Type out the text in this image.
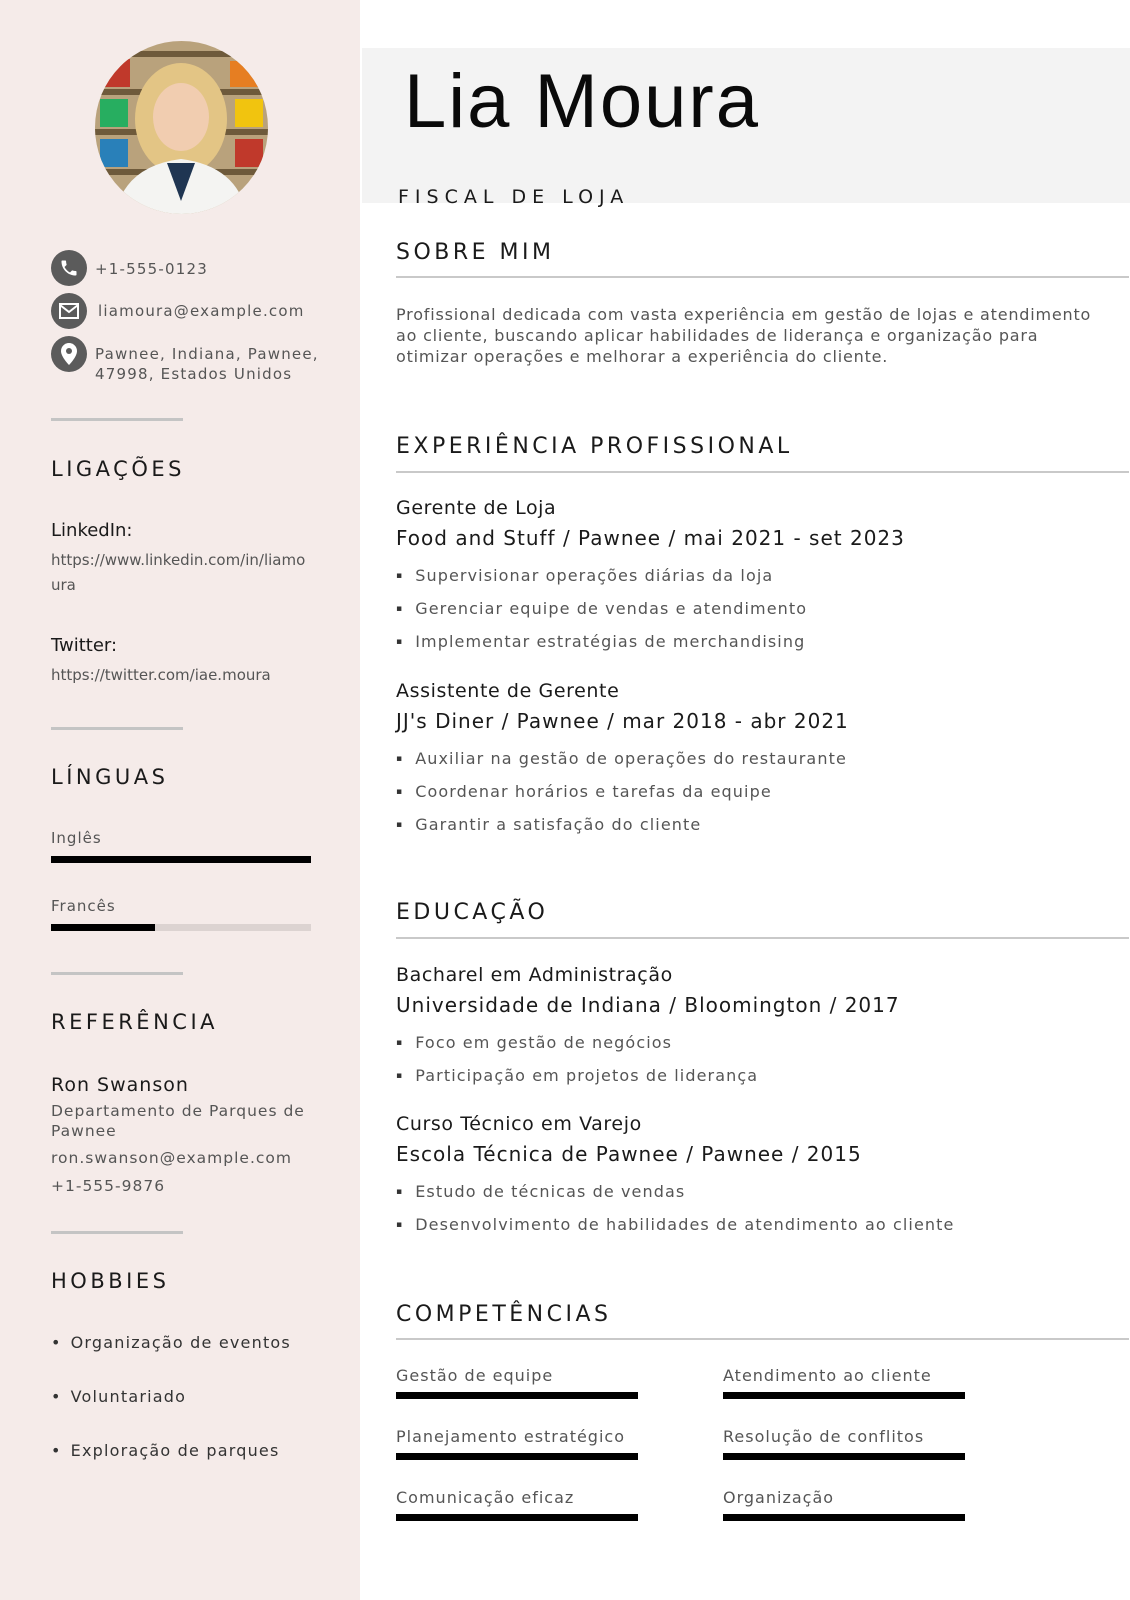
+1-555-0123
liamoura@example.com
Pawnee, Indiana, Pawnee,
47998, Estados Unidos
LIGAÇÕES
LinkedIn:
https://www.linkedin.com/in/liamoura
Twitter:
https://twitter.com/iae.moura
LÍNGUAS
Inglês
Francês
REFERÊNCIA
Ron Swanson
Departamento de Parques de Pawnee
ron.swanson@example.com
+1-555-9876
HOBBIES
• Organização de eventos
• Voluntariado
• Exploração de parques
Lia Moura
FISCAL DE LOJA
SOBRE MIM
Profissional dedicada com vasta experiência em gestão de lojas e atendimento ao cliente, buscando aplicar habilidades de liderança e organização para otimizar operações e melhorar a experiência do cliente.
EXPERIÊNCIA PROFISSIONAL
Gerente de Loja
Food and Stuff / Pawnee / mai 2021 - set 2023
▪ Supervisionar operações diárias da loja
▪ Gerenciar equipe de vendas e atendimento
▪ Implementar estratégias de merchandising
Assistente de Gerente
JJ's Diner / Pawnee / mar 2018 - abr 2021
▪ Auxiliar na gestão de operações do restaurante
▪ Coordenar horários e tarefas da equipe
▪ Garantir a satisfação do cliente
EDUCAÇÃO
Bacharel em Administração
Universidade de Indiana / Bloomington / 2017
▪ Foco em gestão de negócios
▪ Participação em projetos de liderança
Curso Técnico em Varejo
Escola Técnica de Pawnee / Pawnee / 2015
▪ Estudo de técnicas de vendas
▪ Desenvolvimento de habilidades de atendimento ao cliente
COMPETÊNCIAS
Gestão de equipe	Atendimento ao cliente
Planejamento estratégico	Resolução de conflitos
Comunicação eficaz	Organização
